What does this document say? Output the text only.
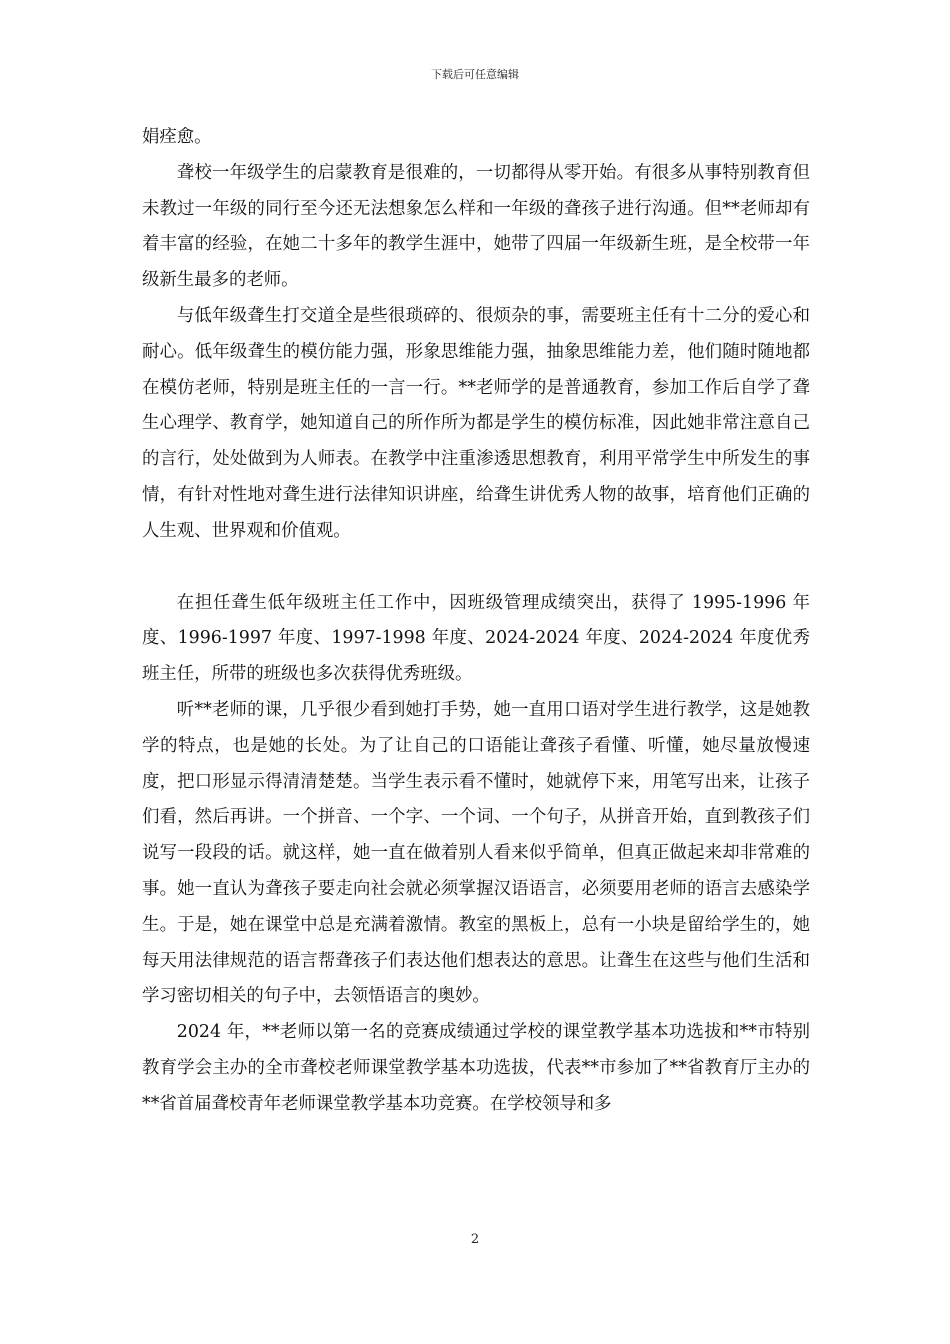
下载后可任意编辑

娟痊愈。

聋校一年级学生的启蒙教育是很难的，一切都得从零开始。有很多从事特别教育但未教过一年级的同行至今还无法想象怎么样和一年级的聋孩子进行沟通。但**老师却有着丰富的经验，在她二十多年的教学生涯中，她带了四届一年级新生班，是全校带一年级新生最多的老师。

与低年级聋生打交道全是些很琐碎的、很烦杂的事，需要班主任有十二分的爱心和耐心。低年级聋生的模仿能力强，形象思维能力强，抽象思维能力差，他们随时随地都在模仿老师，特别是班主任的一言一行。**老师学的是普通教育，参加工作后自学了聋生心理学、教育学，她知道自己的所作所为都是学生的模仿标准，因此她非常注意自己的言行，处处做到为人师表。在教学中注重渗透思想教育，利用平常学生中所发生的事情，有针对性地对聋生进行法律知识讲座，给聋生讲优秀人物的故事，培育他们正确的人生观、世界观和价值观。

在担任聋生低年级班主任工作中，因班级管理成绩突出，获得了 1995-1996 年度、1996-1997 年度、1997-1998 年度、2024-2024 年度、2024-2024 年度优秀班主任，所带的班级也多次获得优秀班级。

听**老师的课，几乎很少看到她打手势，她一直用口语对学生进行教学，这是她教学的特点，也是她的长处。为了让自己的口语能让聋孩子看懂、听懂，她尽量放慢速度，把口形显示得清清楚楚。当学生表示看不懂时，她就停下来，用笔写出来，让孩子们看，然后再讲。一个拼音、一个字、一个词、一个句子，从拼音开始，直到教孩子们说写一段段的话。就这样，她一直在做着别人看来似乎简单，但真正做起来却非常难的事。她一直认为聋孩子要走向社会就必须掌握汉语语言，必须要用老师的语言去感染学生。于是，她在课堂中总是充满着激情。教室的黑板上，总有一小块是留给学生的，她每天用法律规范的语言帮聋孩子们表达他们想表达的意思。让聋生在这些与他们生活和学习密切相关的句子中，去领悟语言的奥妙。

2024 年，**老师以第一名的竞赛成绩通过学校的课堂教学基本功选拔和**市特别教育学会主办的全市聋校老师课堂教学基本功选拔，代表**市参加了**省教育厅主办的**省首届聋校青年老师课堂教学基本功竞赛。在学校领导和多

2
